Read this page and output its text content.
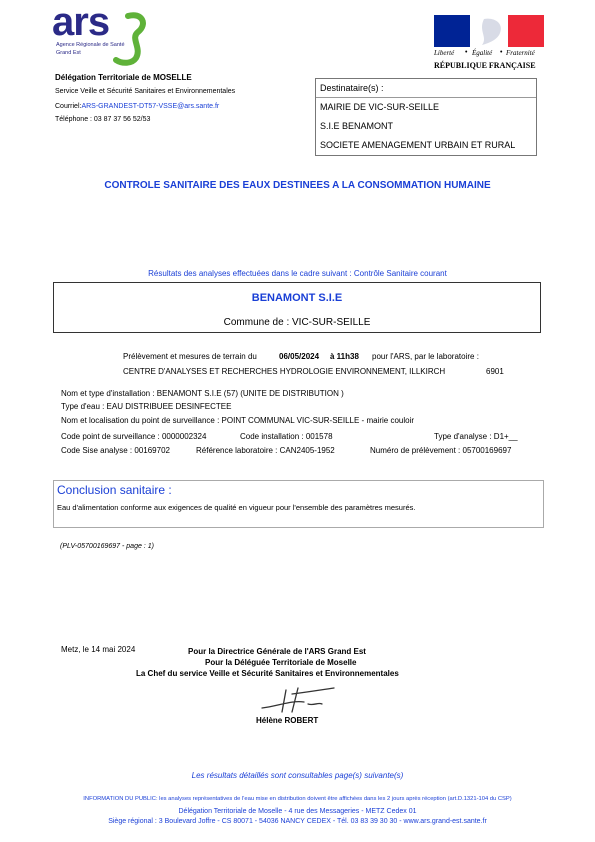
ars
Agence Régionale de Santé
Grand Est	Liberté • Égalité • Fraternité
RÉPUBLIQUE FRANÇAISE
Délégation Territoriale de MOSELLE
Service Veille et Sécurité Sanitaires et Environnementales
Courriel:ARS-GRANDEST-DT57-VSSE@ars.sante.fr
Téléphone : 03 87 37 56 52/53
Destinataire(s) :
MAIRIE DE VIC-SUR-SEILLE
S.I.E BENAMONT
SOCIETE AMENAGEMENT URBAIN ET RURAL
CONTROLE SANITAIRE DES EAUX DESTINEES A LA CONSOMMATION HUMAINE
Résultats des analyses effectuées dans le cadre suivant : Contrôle Sanitaire courant
BENAMONT S.I.E
Commune de : VIC-SUR-SEILLE
Prélèvement et mesures de terrain du	06/05/2024 à 11h38 pour l'ARS, par le laboratoire :
CENTRE D'ANALYSES ET RECHERCHES HYDROLOGIE ENVIRONNEMENT, ILLKIRCH	6901
Nom et type d'installation : BENAMONT S.I.E (57) (UNITE DE DISTRIBUTION )
Type d'eau : EAU DISTRIBUEE DESINFECTEE
Nom et localisation du point de surveillance : POINT COMMUNAL VIC-SUR-SEILLE - mairie couloir
Code point de surveillance : 0000002324	Code installation : 001578	Type d'analyse : D1+__
Code Sise analyse : 00169702	Référence laboratoire : CAN2405-1952	Numéro de prélèvement : 05700169697
Conclusion sanitaire :
Eau d'alimentation conforme aux exigences de qualité en vigueur pour l'ensemble des paramètres mesurés.
(PLV-05700169697 - page : 1)
Metz, le 14 mai 2024	Pour la Directrice Générale de l'ARS Grand Est
Pour la Déléguée Territoriale de Moselle
La Chef du service Veille et Sécurité Sanitaires et Environnementales
Hélène ROBERT
Les résultats détaillés sont consultables page(s) suivante(s)
INFORMATION DU PUBLIC: les analyses représentatives de l'eau mise en distribution doivent être affichées dans les 2 jours après réception (art.D.1321-104 du CSP)
Délégation Territoriale de Moselle - 4 rue des Messageries - METZ Cedex 01
Siège régional : 3 Boulevard Joffre - CS 80071 - 54036 NANCY CEDEX - Tél. 03 83 39 30 30 - www.ars.grand-est.sante.fr
